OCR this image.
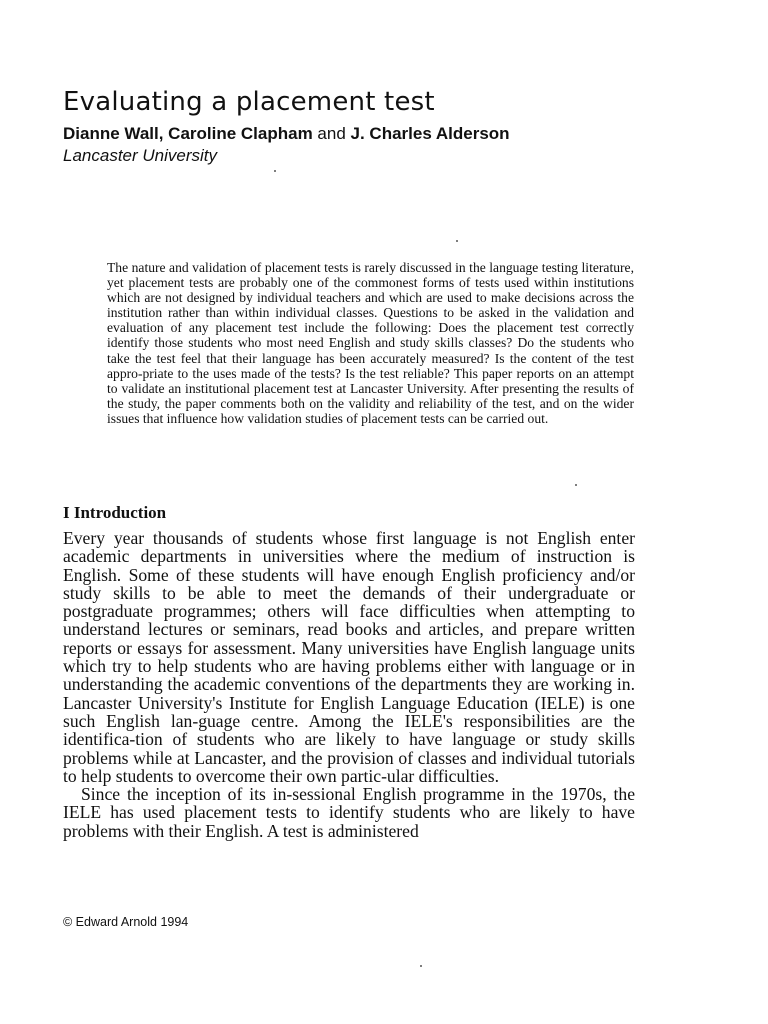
Evaluating a placement test
Dianne Wall, Caroline Clapham and J. Charles Alderson
Lancaster University

The nature and validation of placement tests is rarely discussed in the language testing literature, yet placement tests are probably one of the commonest forms of tests used within institutions which are not designed by individual teachers and which are used to make decisions across the institution rather than within individual classes. Questions to be asked in the validation and evaluation of any placement test include the following: Does the placement test correctly identify those students who most need English and study skills classes? Do the students who take the test feel that their language has been accurately measured? Is the content of the test appro-priate to the uses made of the tests? Is the test reliable? This paper reports on an attempt to validate an institutional placement test at Lancaster University. After presenting the results of the study, the paper comments both on the validity and reliability of the test, and on the wider issues that influence how validation studies of placement tests can be carried out.

I Introduction

Every year thousands of students whose first language is not English enter academic departments in universities where the medium of instruction is English. Some of these students will have enough English proficiency and/or study skills to be able to meet the demands of their undergraduate or postgraduate programmes; others will face difficulties when attempting to understand lectures or seminars, read books and articles, and prepare written reports or essays for assessment. Many universities have English language units which try to help students who are having problems either with language or in understanding the academic conventions of the departments they are working in. Lancaster University's Institute for English Language Education (IELE) is one such English lan-guage centre. Among the IELE's responsibilities are the identifica-tion of students who are likely to have language or study skills problems while at Lancaster, and the provision of classes and individual tutorials to help students to overcome their own partic-ular difficulties.

Since the inception of its in-sessional English programme in the 1970s, the IELE has used placement tests to identify students who are likely to have problems with their English. A test is administered

© Edward Arnold 1994
